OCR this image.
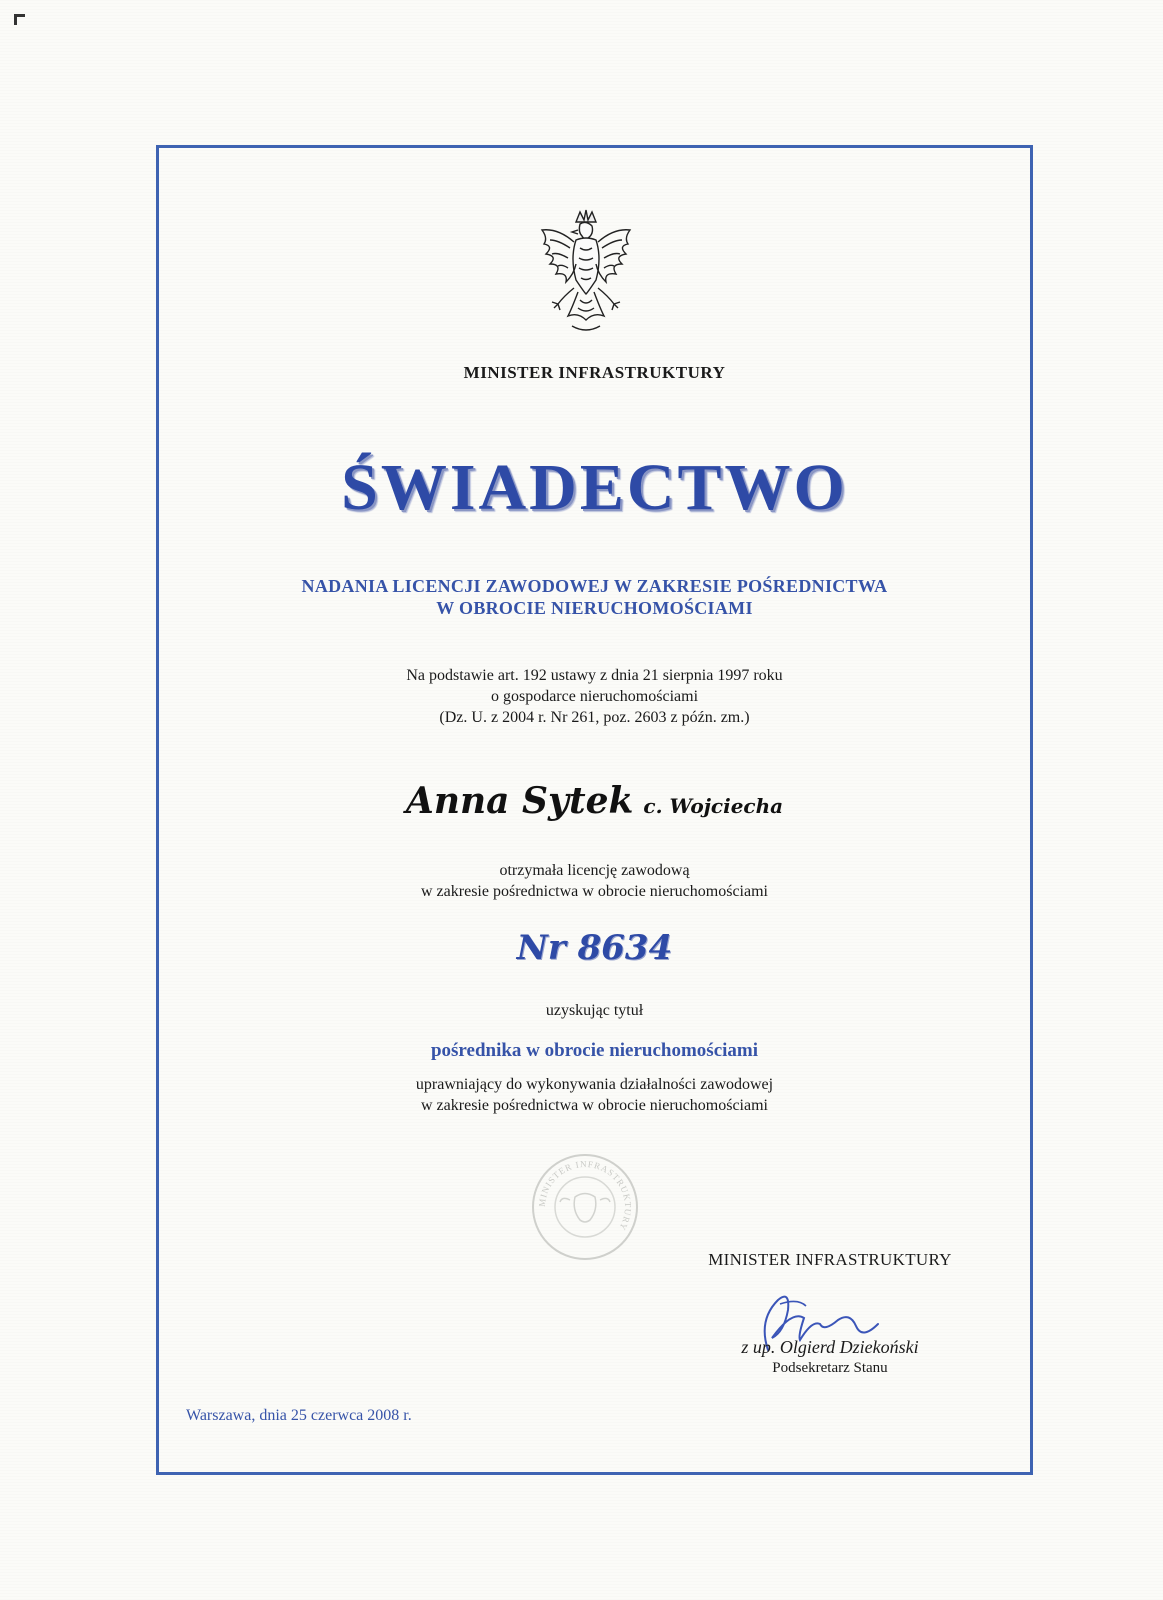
MINISTER INFRASTRUKTURY
ŚWIADECTWO
NADANIA LICENCJI ZAWODOWEJ W ZAKRESIE POŚREDNICTWA
W OBROCIE NIERUCHOMOŚCIAMI
Na podstawie art. 192 ustawy z dnia 21 sierpnia 1997 roku
o gospodarce nieruchomościami
(Dz. U. z 2004 r. Nr 261, poz. 2603 z późn. zm.)
Anna Sytek c. Wojciecha
otrzymała licencję zawodową
w zakresie pośrednictwa w obrocie nieruchomościami
Nr 8634
uzyskując tytuł
pośrednika w obrocie nieruchomościami
uprawniający do wykonywania działalności zawodowej
w zakresie pośrednictwa w obrocie nieruchomościami
MINISTER INFRASTRUKTURY
MINISTER INFRASTRUKTURY
z up. Olgierd Dziekoński
Podsekretarz Stanu
Warszawa, dnia 25 czerwca 2008 r.
